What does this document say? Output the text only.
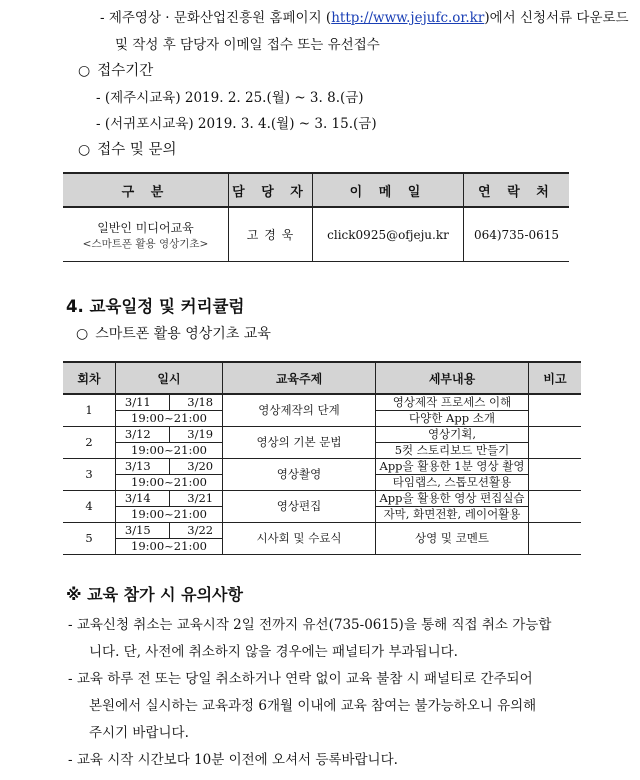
- 제주영상 · 문화산업진흥원 홈페이지 (http://www.jejufc.or.kr)에서 신청서류 다운로드
및 작성 후 담당자 이메일 접수 또는 유선접수
○ 접수기간
- (제주시교육) 2019. 2. 25.(월) ~ 3. 8.(금)
- (서귀포시교육) 2019. 3. 4.(월) ~ 3. 15.(금)
○ 접수 및 문의
구 분	담 당 자	이 메 일	연 락 처

일반인 미디어교육
<스마트폰 활용 영상기초>	고 경 욱	click0925@ofjeju.kr	064)735-0615
4. 교육일정 및 커리큘럼
○ 스마트폰 활용 영상기초 교육
회차	일시	교육주제	세부내용	비고
1	3/11 3/18	영상제작의 단계	영상제작 프로세스 이해	
	19:00~21:00		다양한 App 소개	
2	3/12 3/19	영상의 기본 문법	영상기획,	
	19:00~21:00		5컷 스토리보드 만들기	
3	3/13 3/20	영상촬영	App을 활용한 1분 영상 촬영	
	19:00~21:00		타임랩스, 스톱모션활용	
4	3/14 3/21	영상편집	App을 활용한 영상 편집실습	
	19:00~21:00		자막, 화면전환, 레이어활용	
5	3/15 3/22	시사회 및 수료식	상영 및 코멘트	
	19:00~21:00			
※ 교육 참가 시 유의사항
- 교육신청 취소는 교육시작 2일 전까지 유선(735-0615)을 통해 직접 취소 가능합
니다. 단, 사전에 취소하지 않을 경우에는 패널티가 부과됩니다.
- 교육 하루 전 또는 당일 취소하거나 연락 없이 교육 불참 시 패널티로 간주되어
본원에서 실시하는 교육과정 6개월 이내에 교육 참여는 불가능하오니 유의해
주시기 바랍니다.
- 교육 시작 시간보다 10분 이전에 오셔서 등록바랍니다.
